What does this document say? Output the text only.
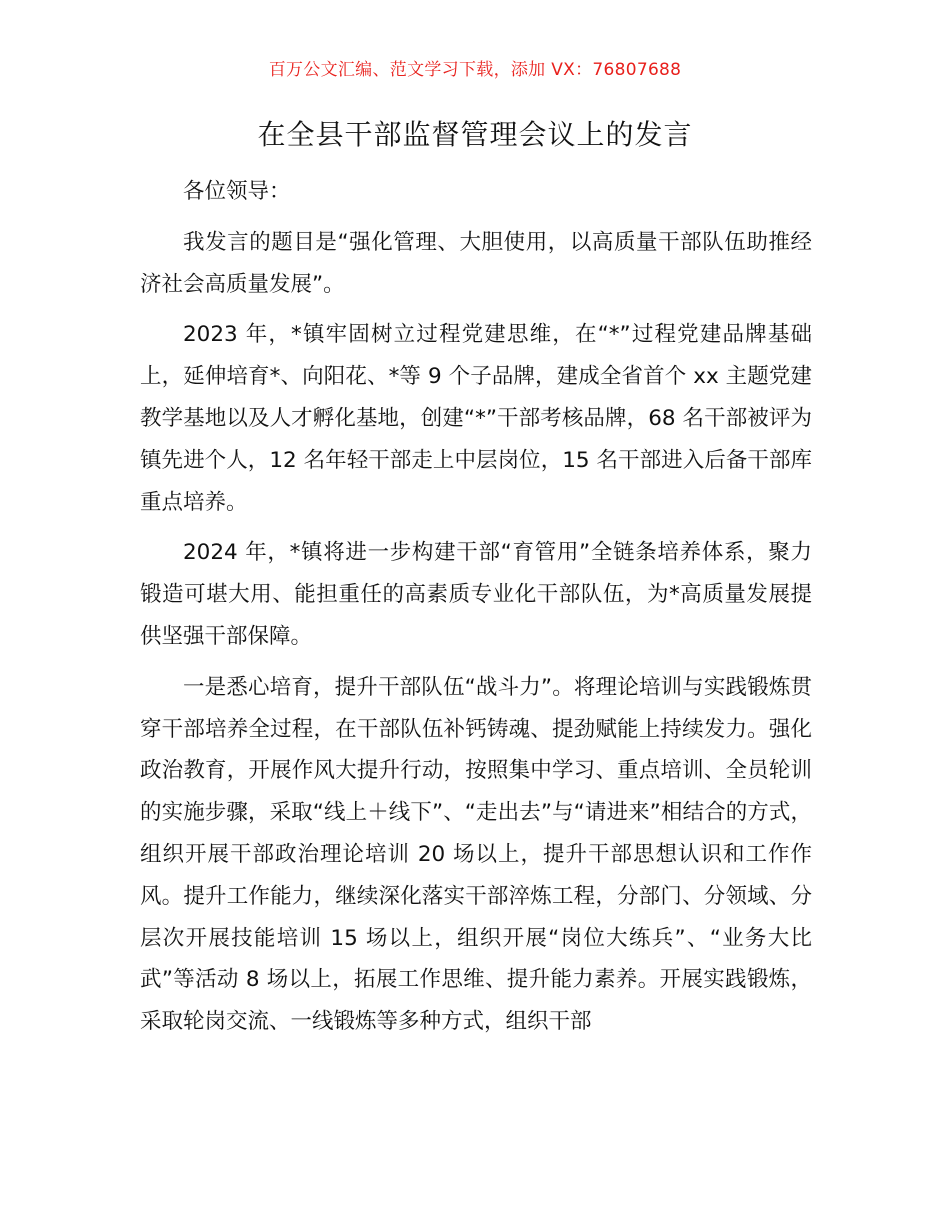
百万公文汇编、范文学习下载，添加 VX：76807688
在全县干部监督管理会议上的发言

各位领导：

我发言的题目是“强化管理、大胆使用，以高质量干部队伍助推经济社会高质量发展”。

2023 年，*镇牢固树立过程党建思维，在“*”过程党建品牌基础上，延伸培育*、向阳花、*等 9 个子品牌，建成全省首个 xx 主题党建教学基地以及人才孵化基地，创建“*”干部考核品牌，68 名干部被评为镇先进个人，12 名年轻干部走上中层岗位，15 名干部进入后备干部库重点培养。

2024 年，*镇将进一步构建干部“育管用”全链条培养体系，聚力锻造可堪大用、能担重任的高素质专业化干部队伍，为*高质量发展提供坚强干部保障。

一是悉心培育，提升干部队伍“战斗力”。将理论培训与实践锻炼贯穿干部培养全过程，在干部队伍补钙铸魂、提劲赋能上持续发力。强化政治教育，开展作风大提升行动，按照集中学习、重点培训、全员轮训的实施步骤，采取“线上＋线下”、“走出去”与“请进来”相结合的方式，组织开展干部政治理论培训 20 场以上，提升干部思想认识和工作作风。提升工作能力，继续深化落实干部淬炼工程，分部门、分领域、分层次开展技能培训 15 场以上，组织开展“岗位大练兵”、“业务大比武”等活动 8 场以上，拓展工作思维、提升能力素养。开展实践锻炼，采取轮岗交流、一线锻炼等多种方式，组织干部
